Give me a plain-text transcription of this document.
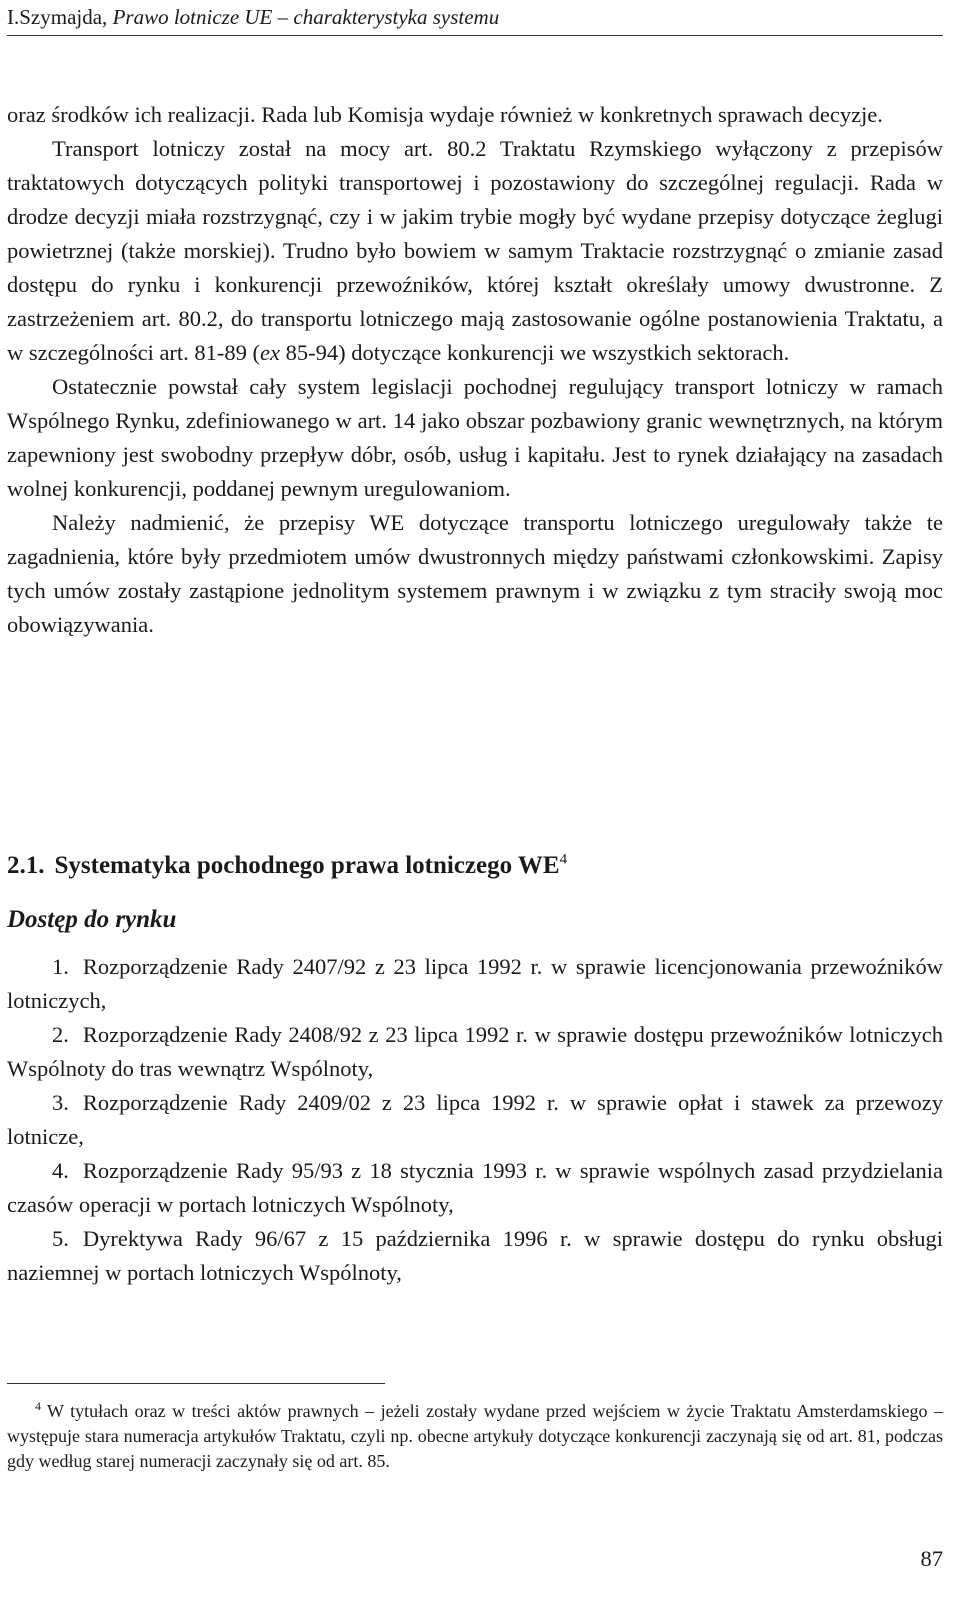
I.Szymajda, Prawo lotnicze UE – charakterystyka systemu

oraz środków ich realizacji. Rada lub Komisja wydaje również w konkretnych sprawach decyzje.

Transport lotniczy został na mocy art. 80.2 Traktatu Rzymskiego wyłączony z przepisów traktatowych dotyczących polityki transportowej i pozostawiony do szczególnej regulacji. Rada w drodze decyzji miała rozstrzygnąć, czy i w jakim trybie mogły być wydane przepisy dotyczące żeglugi powietrznej (także morskiej). Trudno było bowiem w samym Traktacie rozstrzygnąć o zmianie zasad dostępu do rynku i konkurencji przewoźników, której kształt określały umowy dwustronne. Z zastrzeżeniem art. 80.2, do transportu lotniczego mają zastosowanie ogólne postanowienia Traktatu, a w szczególności art. 81-89 (ex 85-94) dotyczące konkurencji we wszystkich sektorach.

Ostatecznie powstał cały system legislacji pochodnej regulujący transport lotniczy w ramach Wspólnego Rynku, zdefiniowanego w art. 14 jako obszar pozbawiony granic wewnętrznych, na którym zapewniony jest swobodny przepływ dóbr, osób, usług i kapitału. Jest to rynek działający na zasadach wolnej konkurencji, poddanej pewnym uregulowaniom.

Należy nadmienić, że przepisy WE dotyczące transportu lotniczego uregulowały także te zagadnienia, które były przedmiotem umów dwustronnych między państwami członkowskimi. Zapisy tych umów zostały zastąpione jednolitym systemem prawnym i w związku z tym straciły swoją moc obowiązywania.

2.1. Systematyka pochodnego prawa lotniczego $WE^4$
Dostęp do rynku

1. Rozporządzenie Rady 2407/92 z 23 lipca 1992 r. w sprawie licencjonowania przewoźników lotniczych,

2. Rozporządzenie Rady 2408/92 z 23 lipca 1992 r. w sprawie dostępu przewoźników lotniczych Wspólnoty do tras wewnątrz Wspólnoty,

3. Rozporządzenie Rady 2409/02 z 23 lipca 1992 r. w sprawie opłat i stawek za przewozy lotnicze,

4. Rozporządzenie Rady 95/93 z 18 stycznia 1993 r. w sprawie wspólnych zasad przydzielania czasów operacji w portach lotniczych Wspólnoty,

5. Dyrektywa Rady 96/67 z 15 października 1996 r. w sprawie dostępu do rynku obsługi naziemnej w portach lotniczych Wspólnoty,

$^4$ W tytułach oraz w treści aktów prawnych – jeżeli zostały wydane przed wejściem w życie Traktatu Amsterdamskiego – występuje stara numeracja artykułów Traktatu, czyli np. obecne artykuły dotyczące konkurencji zaczynają się od art. 81, podczas gdy według starej numeracji zaczynały się od art. 85.

87
